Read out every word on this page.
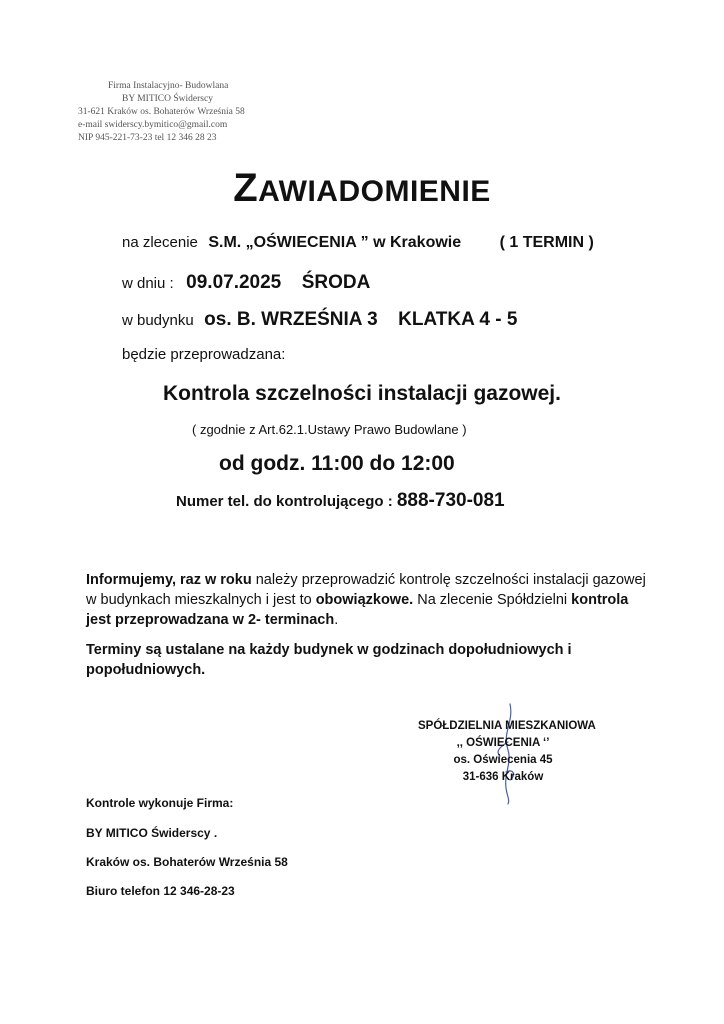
Firma Instalacyjno- Budowlana
BY MITICO Świderscy
31-621 Kraków os. Bohaterów Września 58
e-mail swiderscy.bymitico@gmail.com
NIP 945-221-73-23 tel 12 346 28 23
ZAWIADOMIENIE
na zlecenie S.M. „OŚWIECENIA ” w Krakowie ( 1 TERMIN )
w dniu : 09.07.2025 ŚRODA
w budynku os. B. WRZEŚNIA 3 KLATKA 4 - 5
będzie przeprowadzana:
Kontrola szczelności instalacji gazowej.
( zgodnie z Art.62.1.Ustawy Prawo Budowlane )
od godz. 11:00 do 12:00
Numer tel. do kontrolującego : 888-730-081
Informujemy, raz w roku należy przeprowadzić kontrolę szczelności instalacji gazowej w budynkach mieszkalnych i jest to obowiązkowe. Na zlecenie Spółdzielni kontrola jest przeprowadzana w 2- terminach.
Terminy są ustalane na każdy budynek w godzinach dopołudniowych i popołudniowych.
SPÓŁDZIELNIA MIESZKANIOWA
,, OŚWIECENIA ‘’
os. Oświecenia 45
31-636 Kraków
Kontrole wykonuje Firma:
BY MITICO Świderscy .
Kraków os. Bohaterów Września 58
Biuro telefon 12 346-28-23
